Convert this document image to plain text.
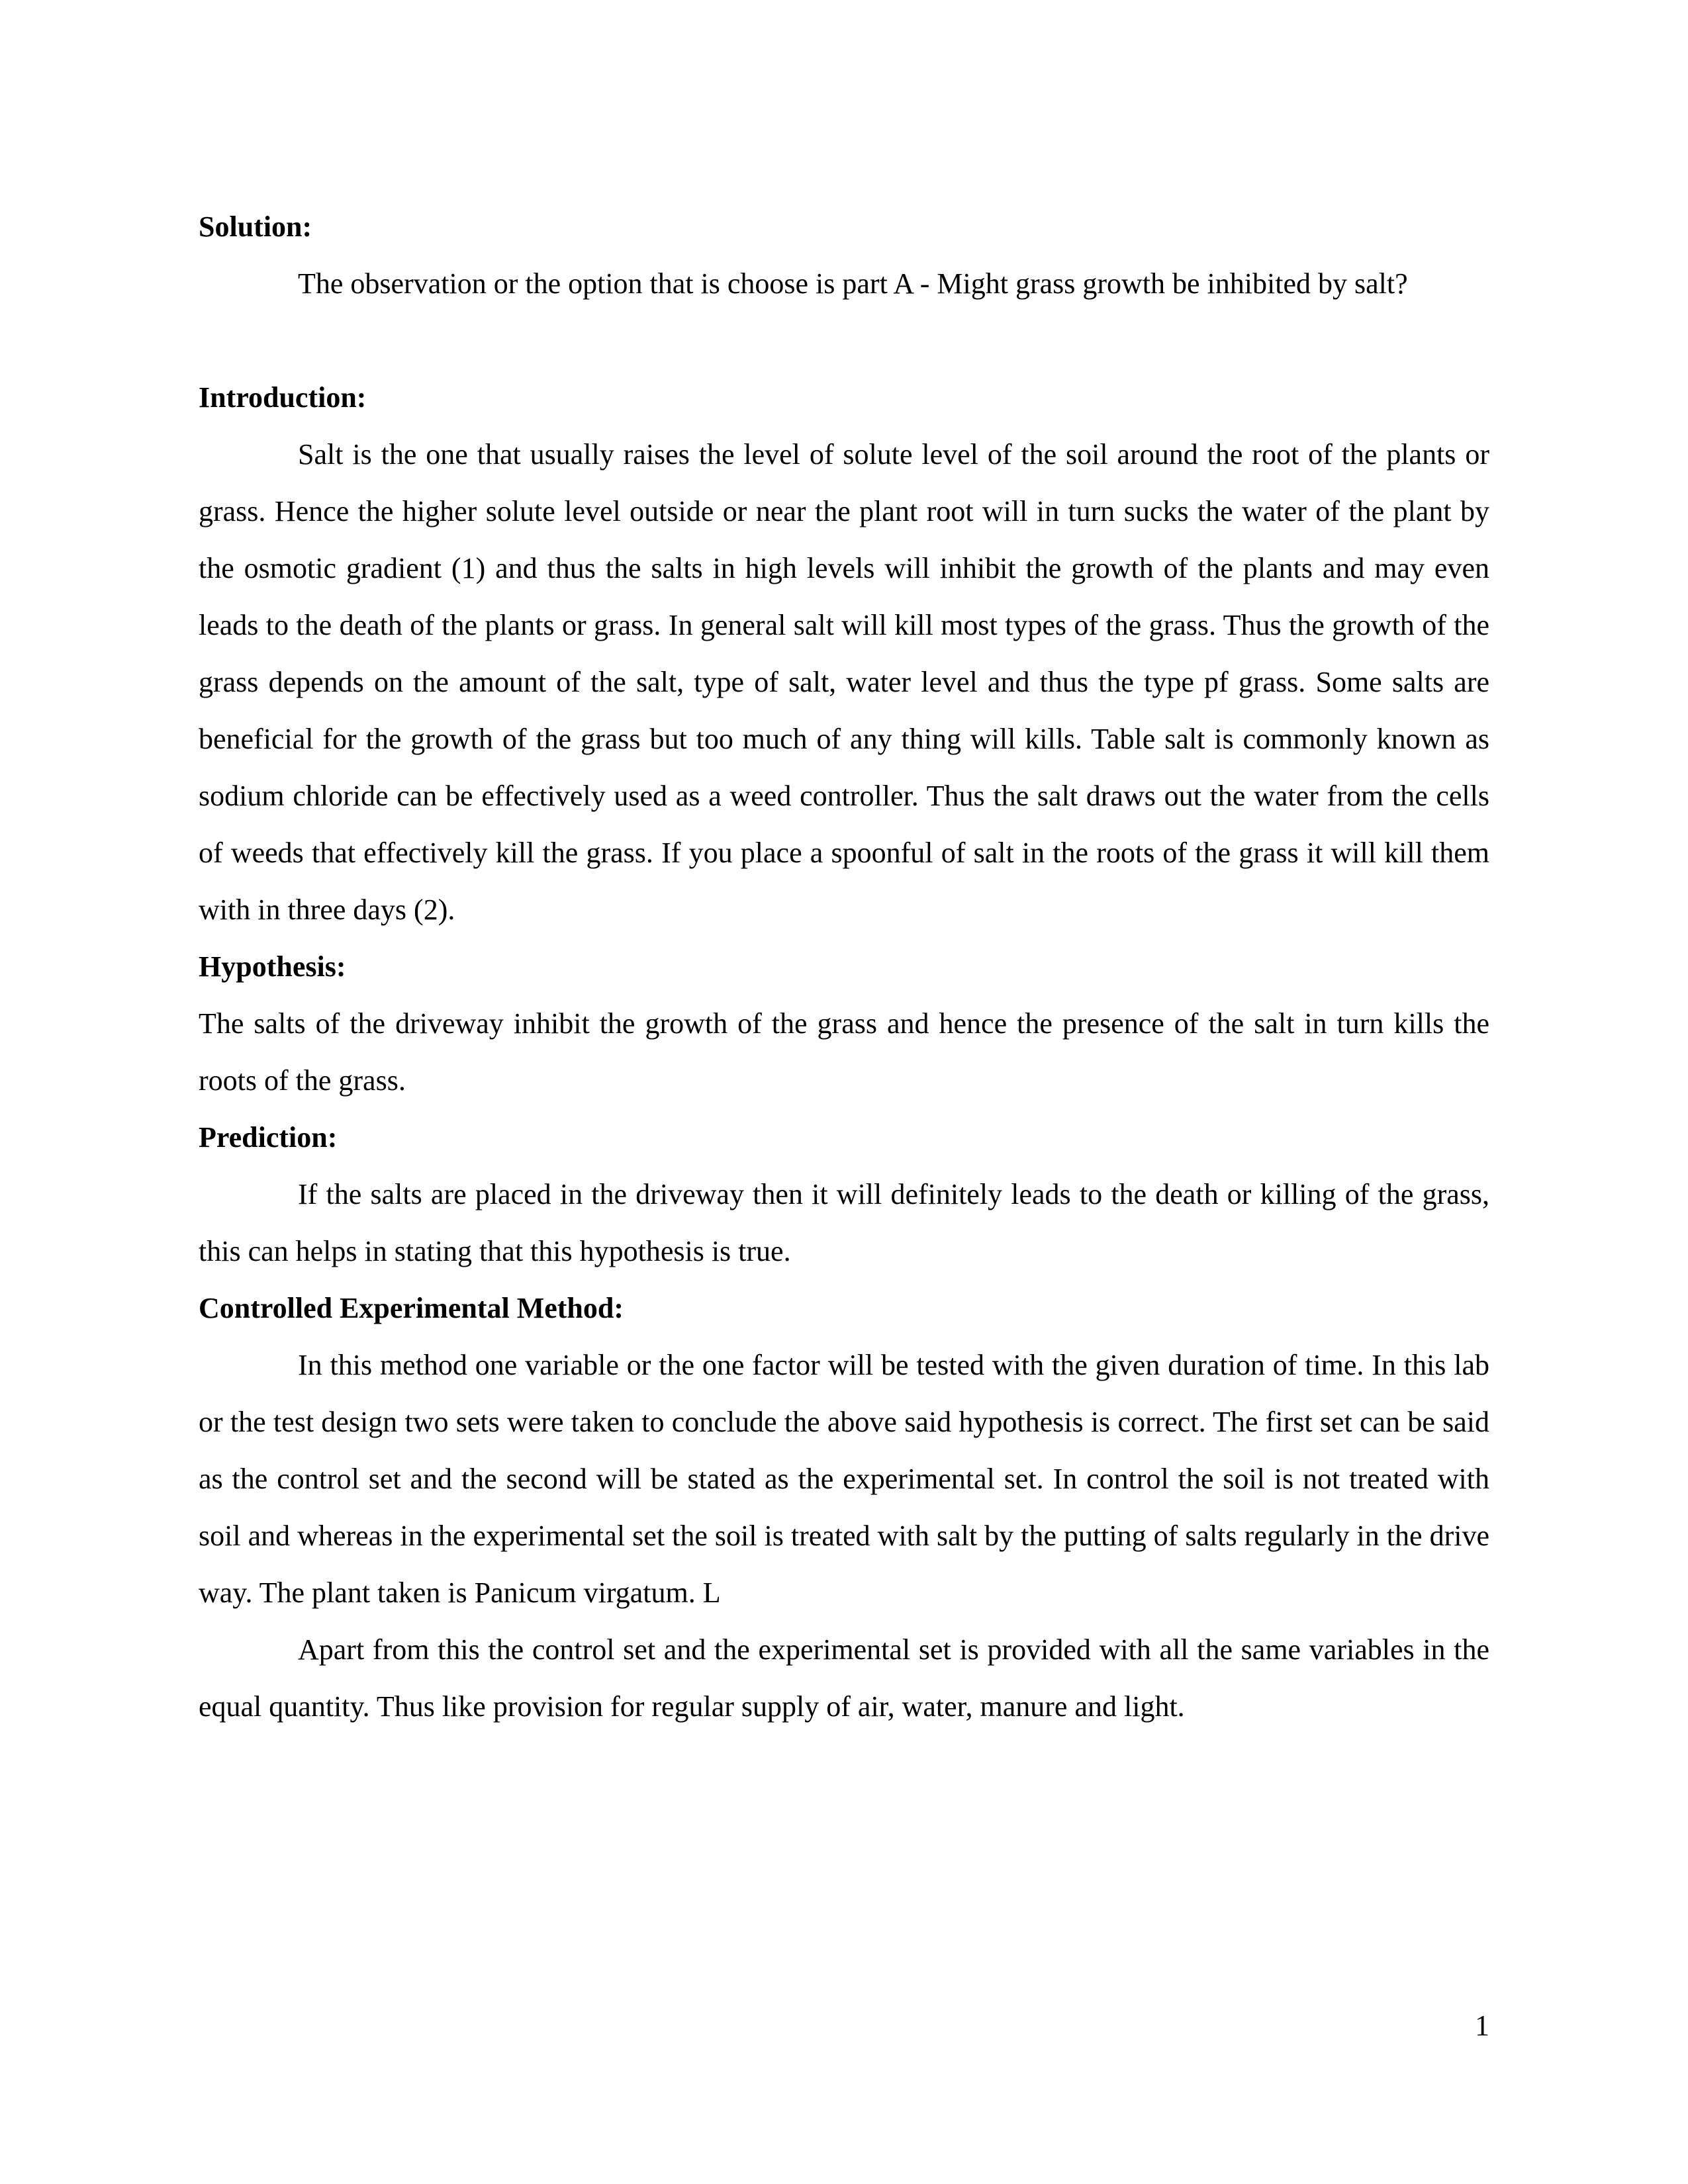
Solution:

The observation or the option that is choose is part A - Might grass growth be inhibited by salt?

Introduction:

Salt is the one that usually raises the level of solute level of the soil around the root of the plants or grass. Hence the higher solute level outside or near the plant root will in turn sucks the water of the plant by the osmotic gradient (1) and thus the salts in high levels will inhibit the growth of the plants and may even leads to the death of the plants or grass. In general salt will kill most types of the grass. Thus the growth of the grass depends on the amount of the salt, type of salt, water level and thus the type pf grass. Some salts are beneficial for the growth of the grass but too much of any thing will kills. Table salt is commonly known as sodium chloride can be effectively used as a weed controller. Thus the salt draws out the water from the cells of weeds that effectively kill the grass. If you place a spoonful of salt in the roots of the grass it will kill them with in three days (2).

Hypothesis:

The salts of the driveway inhibit the growth of the grass and hence the presence of the salt in turn kills the roots of the grass.

Prediction:

If the salts are placed in the driveway then it will definitely leads to the death or killing of the grass, this can helps in stating that this hypothesis is true.

Controlled Experimental Method:

In this method one variable or the one factor will be tested with the given duration of time. In this lab or the test design two sets were taken to conclude the above said hypothesis is correct. The first set can be said as the control set and the second will be stated as the experimental set. In control the soil is not treated with soil and whereas in the experimental set the soil is treated with salt by the putting of salts regularly in the drive way. The plant taken is Panicum virgatum. L

Apart from this the control set and the experimental set is provided with all the same variables in the equal quantity. Thus like provision for regular supply of air, water, manure and light.

1
